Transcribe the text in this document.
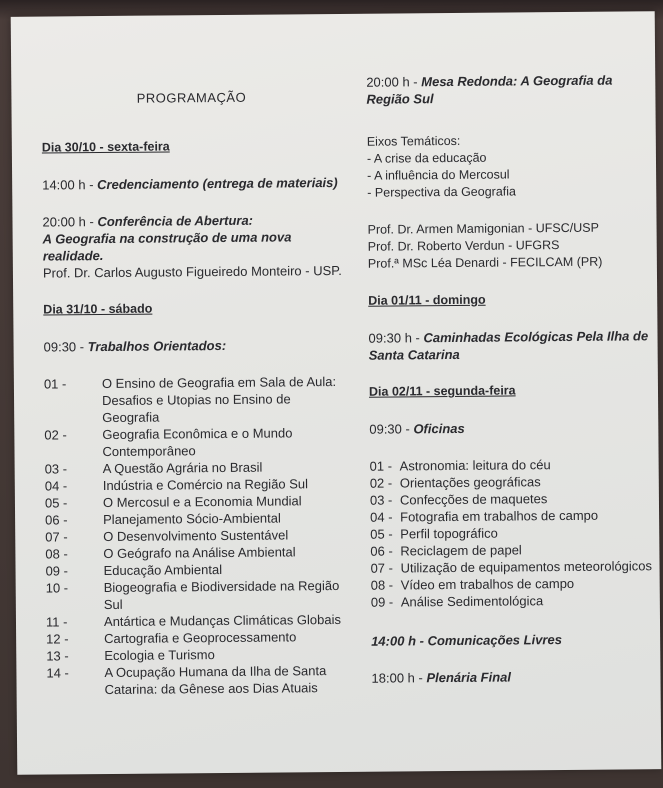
PROGRAMAÇÃO
Dia 30/10 - sexta-feira
14:00 h - Credenciamento (entrega de materiais)
20:00 h - Conferência de Abertura:
A Geografia na construção de uma nova realidade.
Prof. Dr. Carlos Augusto Figueiredo Monteiro - USP.
Dia 31/10 - sábado
09:30 - Trabalhos Orientados:
01 -	O Ensino de Geografia em Sala de Aula: Desafios e Utopias no Ensino de Geografia
02 -	Geografia Econômica e o Mundo Contemporâneo
03 -	A Questão Agrária no Brasil
04 -	Indústria e Comércio na Região Sul
05 -	O Mercosul e a Economia Mundial
06 -	Planejamento Sócio-Ambiental
07 -	O Desenvolvimento Sustentável
08 -	O Geógrafo na Análise Ambiental
09 -	Educação Ambiental
10 -	Biogeografia e Biodiversidade na Região Sul
11 -	Antártica e Mudanças Climáticas Globais
12 -	Cartografia e Geoprocessamento
13 -	Ecologia e Turismo
14 -	A Ocupação Humana da Ilha de Santa Catarina: da Gênese aos Dias Atuais
20:00 h - Mesa Redonda: A Geografia da Região Sul
Eixos Temáticos:
- A crise da educação
- A influência do Mercosul
- Perspectiva da Geografia
Prof. Dr. Armen Mamigonian - UFSC/USP
Prof. Dr. Roberto Verdun - UFGRS
Prof.ª MSc Léa Denardi - FECILCAM (PR)
Dia 01/11 - domingo
09:30 h - Caminhadas Ecológicas Pela Ilha de Santa Catarina
Dia 02/11 - segunda-feira
09:30 - Oficinas
01 - Astronomia: leitura do céu
02 - Orientações geográficas
03 - Confecções de maquetes
04 - Fotografia em trabalhos de campo
05 - Perfil topográfico
06 - Reciclagem de papel
07 - Utilização de equipamentos meteorológicos
08 - Vídeo em trabalhos de campo
09 - Análise Sedimentológica
14:00 h - Comunicações Livres
18:00 h - Plenária Final
